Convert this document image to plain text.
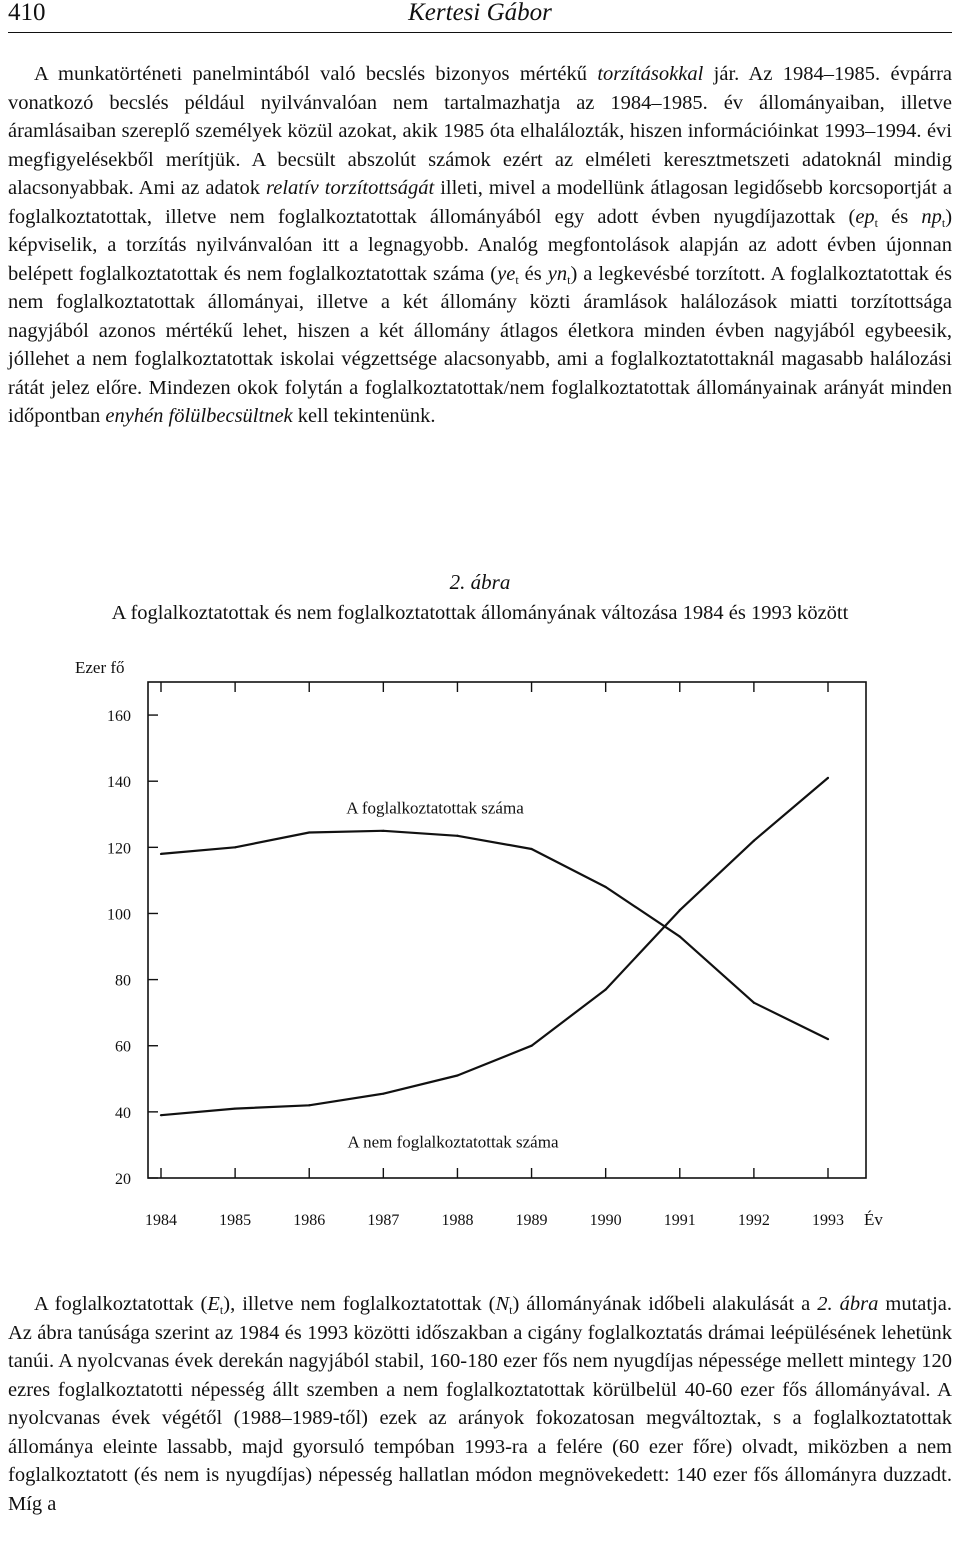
410	Kertesi Gábor

A munkatörténeti panelmintából való becslés bizonyos mértékű torzításokkal jár. Az 1984–1985. évpárra vonatkozó becslés például nyilvánvalóan nem tartalmazhatja az 1984–1985. év állományaiban, illetve áramlásaiban szereplő személyek közül azokat, akik 1985 óta elhalálozták, hiszen információinkat 1993–1994. évi megfigyelésekből merítjük. A becsült abszolút számok ezért az elméleti keresztmetszeti adatoknál mindig alacsonyabbak. Ami az adatok relatív torzítottságát illeti, mivel a modellünk átlagosan legidősebb korcsoportját a foglalkoztatottak, illetve nem foglalkoztatottak állományából egy adott évben nyugdíjazottak ($ep_t$ és $np_t$) képviselik, a torzítás nyilvánvalóan itt a legnagyobb. Analóg megfontolások alapján az adott évben újonnan belépett foglalkoztatottak és nem foglalkoztatottak száma ($ye_t$ és $yn_t$) a legkevésbé torzított. A foglalkoztatottak és nem foglalkoztatottak állományai, illetve a két állomány közti áramlások halálozások miatti torzítottsága nagyjából azonos mértékű lehet, hiszen a két állomány átlagos életkora minden évben nagyjából egybeesik, jóllehet a nem foglalkoztatottak iskolai végzettsége alacsonyabb, ami a foglalkoztatottaknál magasabb halálozási rátát jelez előre. Mindezen okok folytán a foglalkoztatottak/nem foglalkoztatottak állományainak arányát minden időpontban enyhén fölülbecsültnek kell tekintenünk.

2. ábra
A foglalkoztatottak és nem foglalkoztatottak állományának változása 1984 és 1993 között
Ezer fő
Év
20
40
60
80
100
120
140
160
1984	1985	1986	1987	1988	1989	1990	1991	1992	1993
A foglalkoztatottak száma
A nem foglalkoztatottak száma

A foglalkoztatottak $(E_t)$, illetve nem foglalkoztatottak $(N_t)$ állományának időbeli alakulását a 2. ábra mutatja. Az ábra tanúsága szerint az 1984 és 1993 közötti időszakban a cigány foglalkoztatás drámai leépülésének lehetünk tanúi. A nyolcvanas évek derekán nagyjából stabil, 160-180 ezer fős nem nyugdíjas népessége mellett mintegy 120 ezres foglalkoztatotti népesség állt szemben a nem foglalkoztatottak körülbelül 40-60 ezer fős állományával. A nyolcvanas évek végétől (1988–1989-től) ezek az arányok fokozatosan megváltoztak, s a foglalkoztatottak állománya eleinte lassabb, majd gyorsuló tempóban 1993-ra a felére (60 ezer főre) olvadt, miközben a nem foglalkoztatott (és nem is nyugdíjas) népesség hallatlan módon megnövekedett: 140 ezer fős állományra duzzadt. Míg a
